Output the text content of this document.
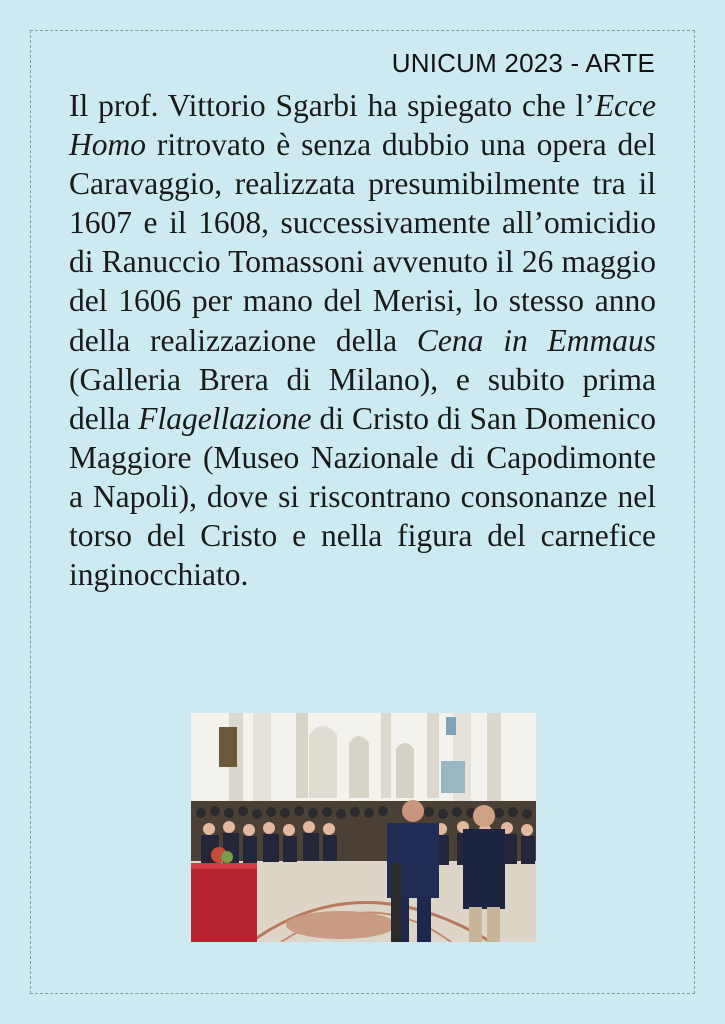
UNICUM 2023 - ARTE

Il prof. Vittorio Sgarbi ha spiegato che l’Ecce Homo ritrovato è senza dubbio una opera del Caravaggio, realizzata presumibilmente tra il 1607 e il 1608, successivamente all’omicidio di Ranuccio Tomassoni avvenuto il 26 maggio del 1606 per mano del Merisi, lo stesso anno della realizzazione della Cena in Emmaus (Galleria Brera di Milano), e subito prima della Flagellazione di Cristo di San Domenico Maggiore (Museo Nazionale di Capodimonte a Napoli), dove si riscontrano consonanze nel torso del Cristo e nella figura del carnefice inginocchiato.
